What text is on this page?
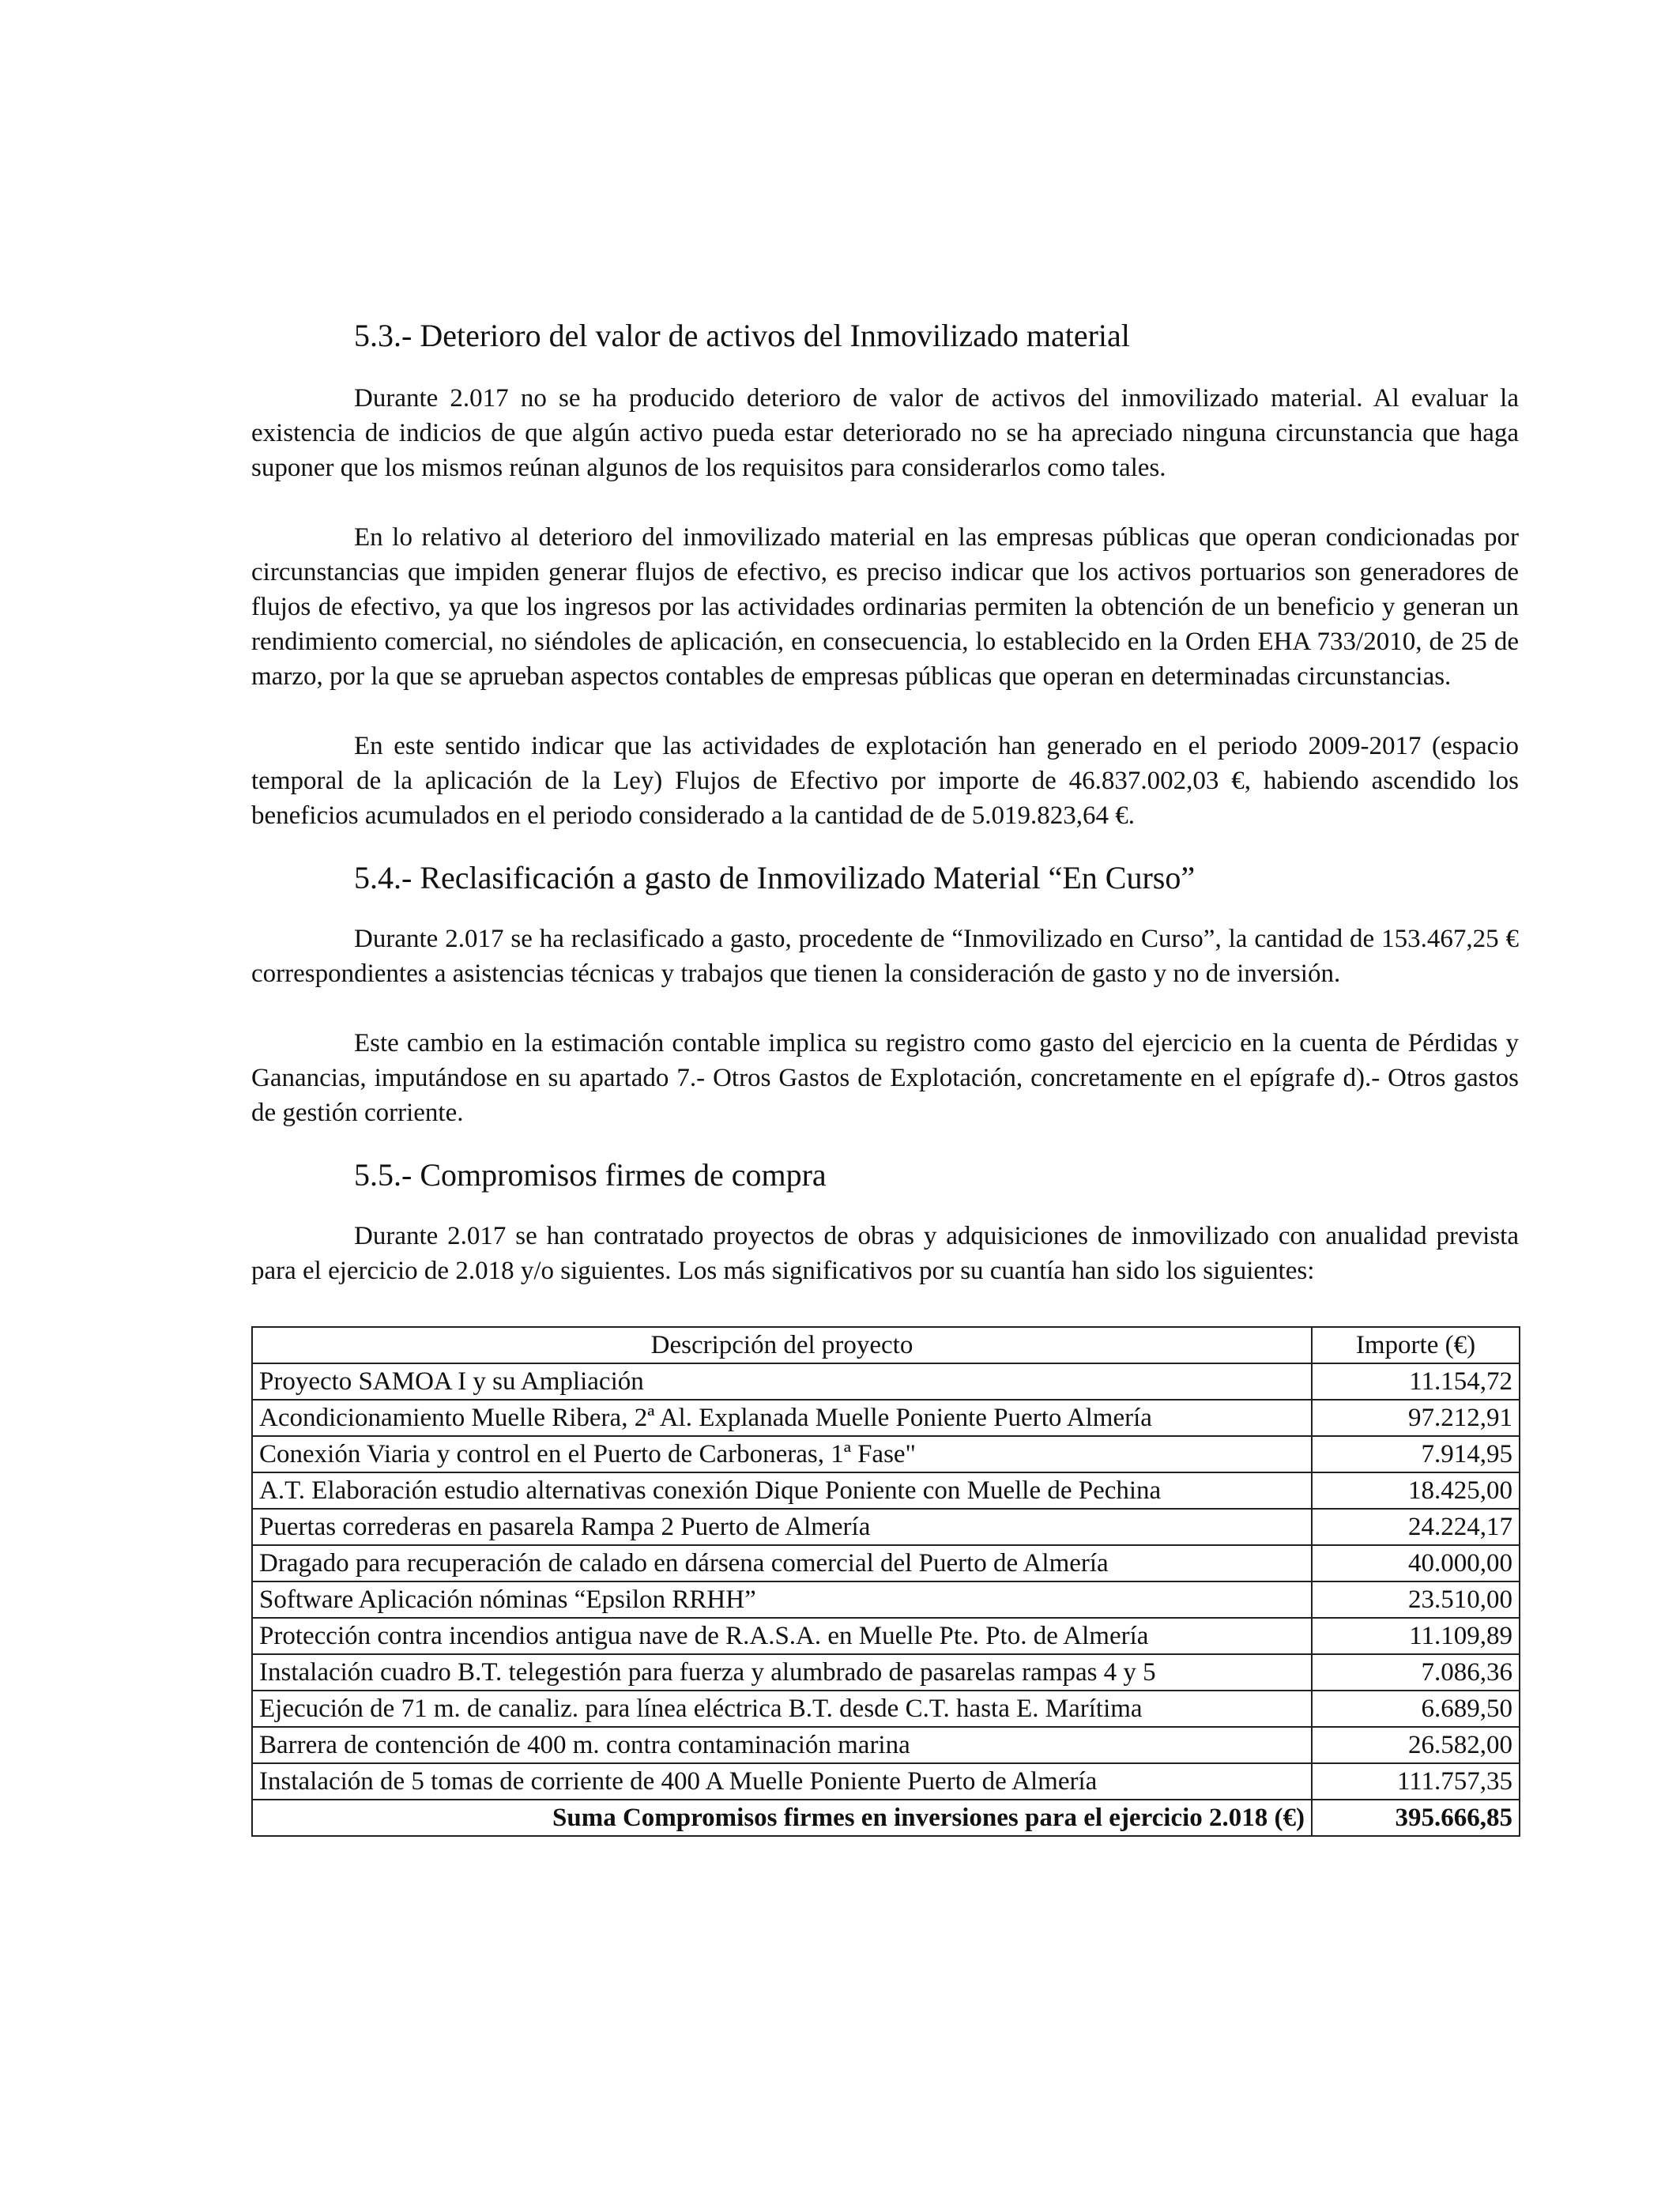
5.3.- Deterioro del valor de activos del Inmovilizado material

Durante 2.017 no se ha producido deterioro de valor de activos del inmovilizado material. Al evaluar la existencia de indicios de que algún activo pueda estar deteriorado no se ha apreciado ninguna circunstancia que haga suponer que los mismos reúnan algunos de los requisitos para considerarlos como tales.

En lo relativo al deterioro del inmovilizado material en las empresas públicas que operan condicionadas por circunstancias que impiden generar flujos de efectivo, es preciso indicar que los activos portuarios son generadores de flujos de efectivo, ya que los ingresos por las actividades ordinarias permiten la obtención de un beneficio y generan un rendimiento comercial, no siéndoles de aplicación, en consecuencia, lo establecido en la Orden EHA 733/2010, de 25 de marzo, por la que se aprueban aspectos contables de empresas públicas que operan en determinadas circunstancias.

En este sentido indicar que las actividades de explotación han generado en el periodo 2009-2017 (espacio temporal de la aplicación de la Ley) Flujos de Efectivo por importe de 46.837.002,03 €, habiendo ascendido los beneficios acumulados en el periodo considerado a la cantidad de de 5.019.823,64 €.

5.4.- Reclasificación a gasto de Inmovilizado Material “En Curso”

Durante 2.017 se ha reclasificado a gasto, procedente de “Inmovilizado en Curso”, la cantidad de 153.467,25 € correspondientes a asistencias técnicas y trabajos que tienen la consideración de gasto y no de inversión.

Este cambio en la estimación contable implica su registro como gasto del ejercicio en la cuenta de Pérdidas y Ganancias, imputándose en su apartado 7.- Otros Gastos de Explotación, concretamente en el epígrafe d).- Otros gastos de gestión corriente.

5.5.- Compromisos firmes de compra

Durante 2.017 se han contratado proyectos de obras y adquisiciones de inmovilizado con anualidad prevista para el ejercicio de 2.018 y/o siguientes. Los más significativos por su cuantía han sido los siguientes:

Descripción del proyecto	Importe (€)
Proyecto SAMOA I y su Ampliación	11.154,72
Acondicionamiento Muelle Ribera, 2ª Al. Explanada Muelle Poniente Puerto Almería	97.212,91
Conexión Viaria y control en el Puerto de Carboneras, 1ª Fase"	7.914,95
A.T. Elaboración estudio alternativas conexión Dique Poniente con Muelle de Pechina	18.425,00
Puertas correderas en pasarela Rampa 2 Puerto de Almería	24.224,17
Dragado para recuperación de calado en dársena comercial del Puerto de Almería	40.000,00
Software Aplicación nóminas “Epsilon RRHH”	23.510,00
Protección contra incendios antigua nave de R.A.S.A. en Muelle Pte. Pto. de Almería	11.109,89
Instalación cuadro B.T. telegestión para fuerza y alumbrado de pasarelas rampas 4 y 5	7.086,36
Ejecución de 71 m. de canaliz. para línea eléctrica B.T. desde C.T. hasta E. Marítima	6.689,50
Barrera de contención de 400 m. contra contaminación marina	26.582,00
Instalación de 5 tomas de corriente de 400 A Muelle Poniente Puerto de Almería	111.757,35
Suma Compromisos firmes en inversiones para el ejercicio 2.018 (€)	395.666,85
